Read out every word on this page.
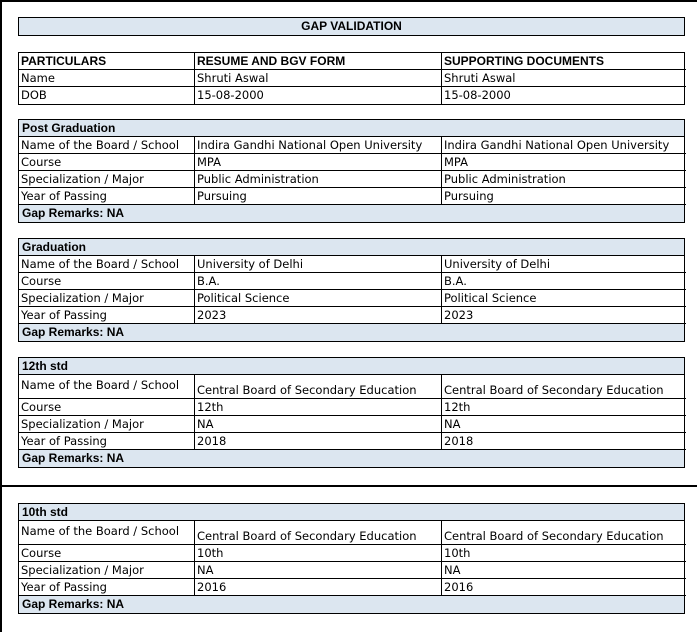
GAP VALIDATION
PARTICULARS	RESUME AND BGV FORM	SUPPORTING DOCUMENTS
Name	Shruti Aswal	Shruti Aswal
DOB	15-08-2000	15-08-2000
Post Graduation
Name of the Board / School	Indira Gandhi National Open University	Indira Gandhi National Open University
Course	MPA	MPA
Specialization / Major	Public Administration	Public Administration
Year of Passing	Pursuing	Pursuing
Gap Remarks: NA
Graduation
Name of the Board / School	University of Delhi	University of Delhi
Course	B.A.	B.A.
Specialization / Major	Political Science	Political Science
Year of Passing	2023	2023
Gap Remarks: NA
12th std
Name of the Board / School	Central Board of Secondary Education	Central Board of Secondary Education
Course	12th	12th
Specialization / Major	NA	NA
Year of Passing	2018	2018
Gap Remarks: NA
10th std
Name of the Board / School	Central Board of Secondary Education	Central Board of Secondary Education
Course	10th	10th
Specialization / Major	NA	NA
Year of Passing	2016	2016
Gap Remarks: NA
